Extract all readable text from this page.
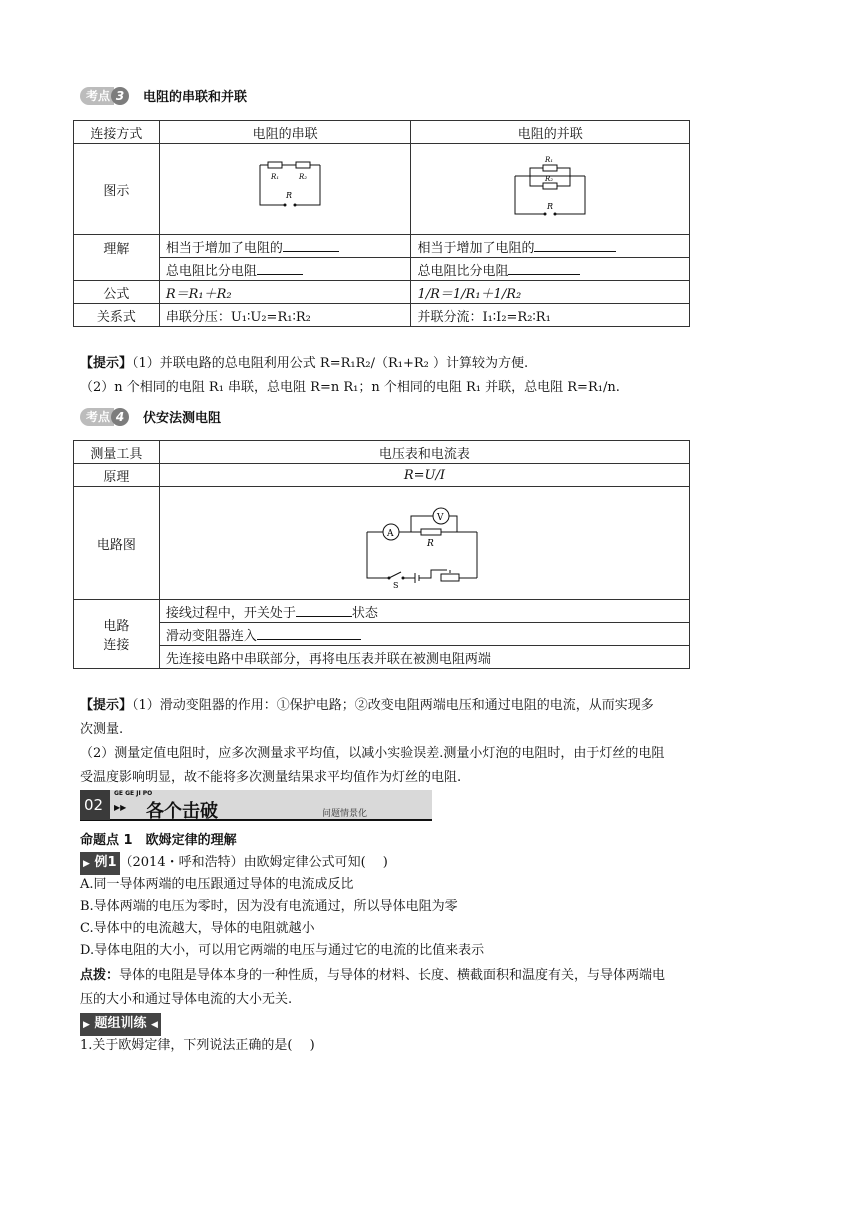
考点 3	电阻的串联和并联
连接方式	电阻的串联	电阻的并联
图示	R₁ R₂
R	R₁
R₂
R

理解	相当于增加了电阻的	相当于增加了电阻的
	总电阻比分电阻	总电阻比分电阻
公式	R＝R₁＋R₂	1/R＝1/R₁＋1/R₂
关系式	串联分压：U₁∶U₂=R₁∶R₂	并联分流：I₁∶I₂=R₂∶R₁
【提示】（1）并联电路的总电阻利用公式 R=R₁R₂/（R₁+R₂ ）计算较为方便.
（2）n 个相同的电阻 R₁ 串联，总电阻 R=n R₁；n 个相同的电阻 R₁ 并联，总电阻 R=R₁/n.
考点 4	伏安法测电阻
测量工具	电压表和电流表
原理	R=U/I
电路图	A
V
R
S

电路
连接	接线过程中，开关处于 状态
	滑动变阻器连入
	先连接电路中串联部分，再将电压表并联在被测电阻两端
【提示】（1）滑动变阻器的作用：①保护电路；②改变电阻两端电压和通过电阻的电流，从而实现多
次测量.
（2）测量定值电阻时，应多次测量求平均值，以减小实验误差.测量小灯泡的电阻时，由于灯丝的电阻
受温度影响明显，故不能将多次测量结果求平均值作为灯丝的电阻.
02
GE GE JI PO
▶▶ 各个击破	问题情景化
命题点 1　欧姆定律的理解
▶ 例1 （2014・呼和浩特）由欧姆定律公式可知(　 )
A.同一导体两端的电压跟通过导体的电流成反比
B.导体两端的电压为零时，因为没有电流通过，所以导体电阻为零
C.导体中的电流越大，导体的电阻就越小
D.导体电阻的大小，可以用它两端的电压与通过它的电流的比值来表示
点拨：导体的电阻是导体本身的一种性质，与导体的材料、长度、横截面积和温度有关，与导体两端电
压的大小和通过导体电流的大小无关.
▶ 题组训练 ◀
1.关于欧姆定律，下列说法正确的是(　 )
